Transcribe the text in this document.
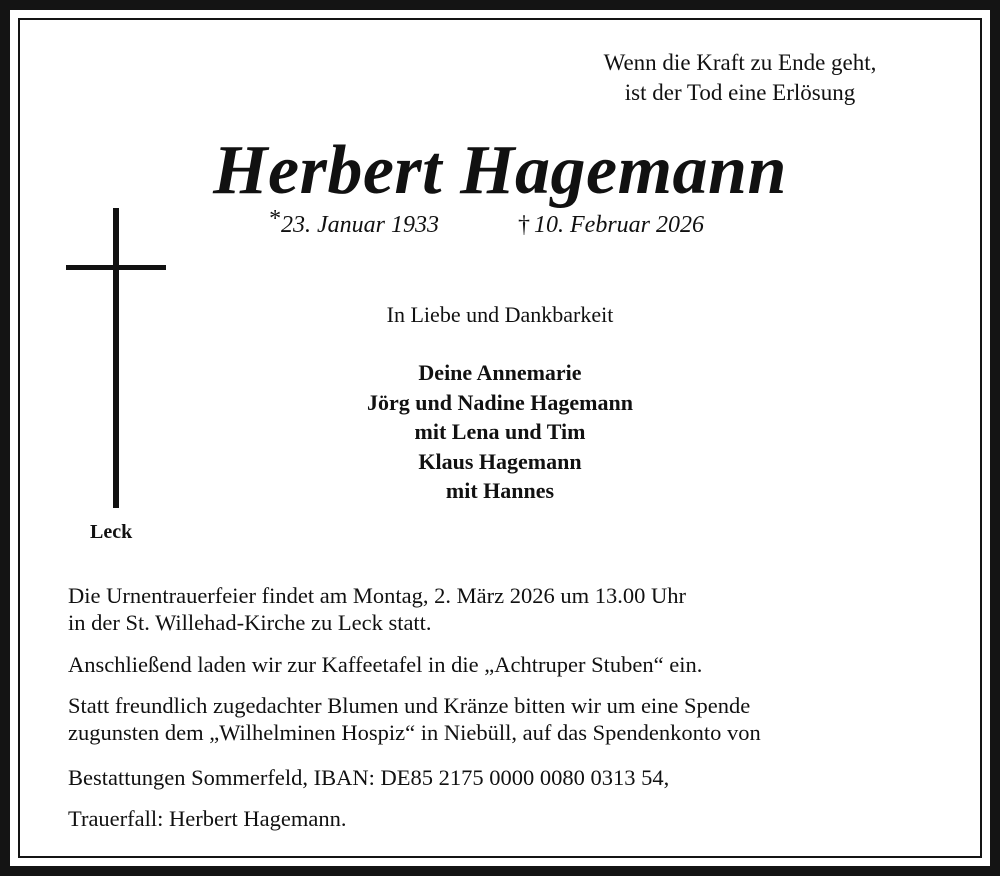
Wenn die Kraft zu Ende geht,
ist der Tod eine Erlösung
Herbert Hagemann
*23. Januar 1933	† 10. Februar 2026
Leck
In Liebe und Dankbarkeit
Deine Annemarie
Jörg und Nadine Hagemann
mit Lena und Tim
Klaus Hagemann
mit Hannes
Die Urnentrauerfeier findet am Montag, 2. März 2026 um 13.00 Uhr
in der St. Willehad-Kirche zu Leck statt.
Anschließend laden wir zur Kaffeetafel in die „Achtruper Stuben“ ein.
Statt freundlich zugedachter Blumen und Kränze bitten wir um eine Spende
zugunsten dem „Wilhelminen Hospiz“ in Niebüll, auf das Spendenkonto von
Bestattungen Sommerfeld, IBAN: DE85 2175 0000 0080 0313 54,
Trauerfall: Herbert Hagemann.
